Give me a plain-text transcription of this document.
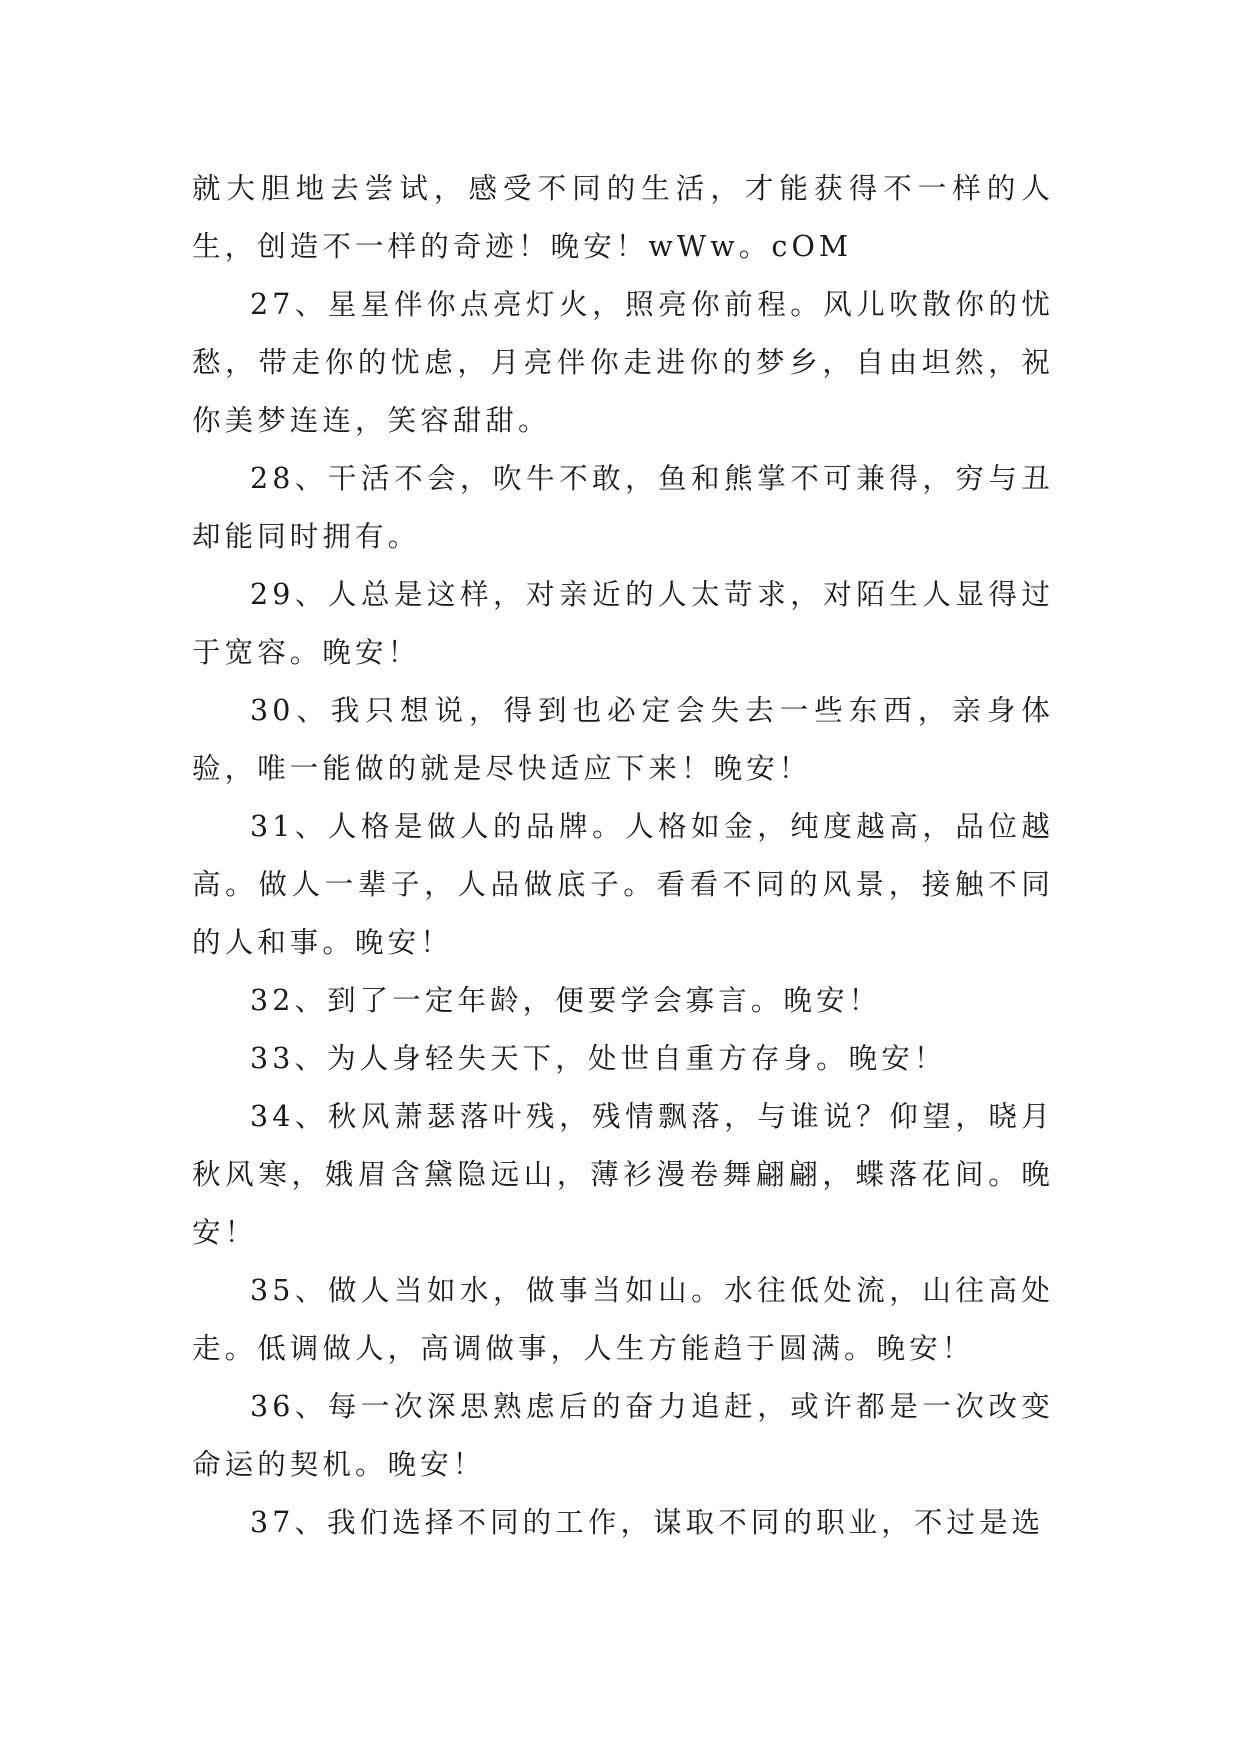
就大胆地去尝试，感受不同的生活，才能获得不一样的人生，创造不一样的奇迹！晚安！wWw。cOM

27、星星伴你点亮灯火，照亮你前程。风儿吹散你的忧愁，带走你的忧虑，月亮伴你走进你的梦乡，自由坦然，祝你美梦连连，笑容甜甜。

28、干活不会，吹牛不敢，鱼和熊掌不可兼得，穷与丑却能同时拥有。

29、人总是这样，对亲近的人太苛求，对陌生人显得过于宽容。晚安！

30、我只想说，得到也必定会失去一些东西，亲身体验，唯一能做的就是尽快适应下来！晚安！

31、人格是做人的品牌。人格如金，纯度越高，品位越高。做人一辈子，人品做底子。看看不同的风景，接触不同的人和事。晚安！

32、到了一定年龄，便要学会寡言。晚安！

33、为人身轻失天下，处世自重方存身。晚安！

34、秋风萧瑟落叶残，残情飘落，与谁说？仰望，晓月秋风寒，娥眉含黛隐远山，薄衫漫卷舞翩翩，蝶落花间。晚安！

35、做人当如水，做事当如山。水往低处流，山往高处走。低调做人，高调做事，人生方能趋于圆满。晚安！

36、每一次深思熟虑后的奋力追赶，或许都是一次改变命运的契机。晚安！

37、我们选择不同的工作，谋取不同的职业，不过是选
